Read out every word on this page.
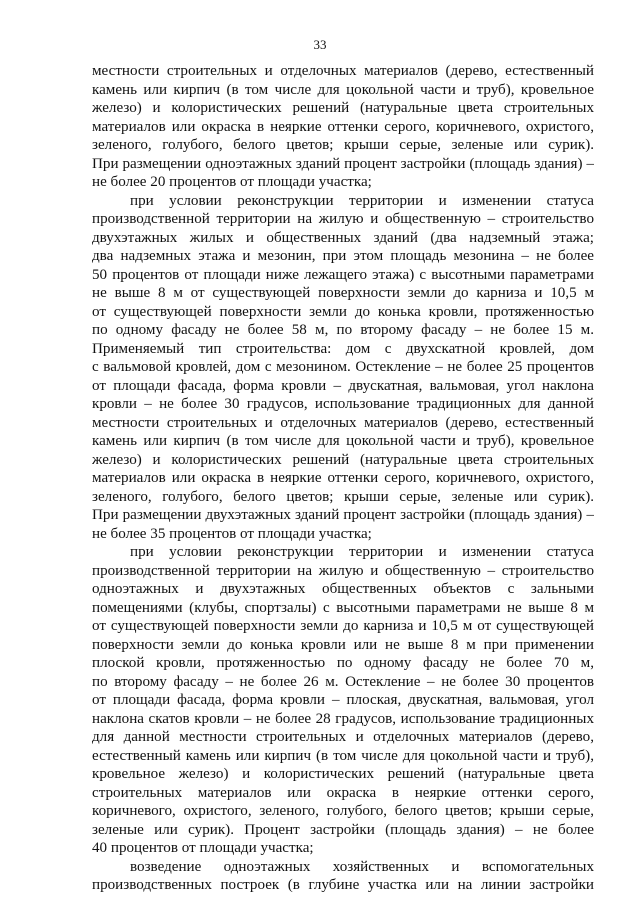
33
местности строительных и отделочных материалов (дерево, естественный
камень или кирпич (в том числе для цокольной части и труб), кровельное
железо) и колористических решений (натуральные цвета строительных
материалов или окраска в неяркие оттенки серого, коричневого, охристого,
зеленого, голубого, белого цветов; крыши серые, зеленые или сурик).
При размещении одноэтажных зданий процент застройки (площадь здания) –
не более 20 процентов от площади участка;
при условии реконструкции территории и изменении статуса
производственной территории на жилую и общественную – строительство
двухэтажных жилых и общественных зданий (два надземный этажа;
два надземных этажа и мезонин, при этом площадь мезонина – не более
50 процентов от площади ниже лежащего этажа) с высотными параметрами
не выше 8 м от существующей поверхности земли до карниза и 10,5 м
от существующей поверхности земли до конька кровли, протяженностью
по одному фасаду не более 58 м, по второму фасаду – не более 15 м.
Применяемый тип строительства: дом с двухскатной кровлей, дом
с вальмовой кровлей, дом с мезонином. Остекление – не более 25 процентов
от площади фасада, форма кровли – двускатная, вальмовая, угол наклона
кровли – не более 30 градусов, использование традиционных для данной
местности строительных и отделочных материалов (дерево, естественный
камень или кирпич (в том числе для цокольной части и труб), кровельное
железо) и колористических решений (натуральные цвета строительных
материалов или окраска в неяркие оттенки серого, коричневого, охристого,
зеленого, голубого, белого цветов; крыши серые, зеленые или сурик).
При размещении двухэтажных зданий процент застройки (площадь здания) –
не более 35 процентов от площади участка;
при условии реконструкции территории и изменении статуса
производственной территории на жилую и общественную – строительство
одноэтажных и двухэтажных общественных объектов с зальными
помещениями (клубы, спортзалы) с высотными параметрами не выше 8 м
от существующей поверхности земли до карниза и 10,5 м от существующей
поверхности земли до конька кровли или не выше 8 м при применении
плоской кровли, протяженностью по одному фасаду не более 70 м,
по второму фасаду – не более 26 м. Остекление – не более 30 процентов
от площади фасада, форма кровли – плоская, двускатная, вальмовая, угол
наклона скатов кровли – не более 28 градусов, использование традиционных
для данной местности строительных и отделочных материалов (дерево,
естественный камень или кирпич (в том числе для цокольной части и труб),
кровельное железо) и колористических решений (натуральные цвета
строительных материалов или окраска в неяркие оттенки серого,
коричневого, охристого, зеленого, голубого, белого цветов; крыши серые,
зеленые или сурик). Процент застройки (площадь здания) – не более
40 процентов от площади участка;
возведение одноэтажных хозяйственных и вспомогательных
производственных построек (в глубине участка или на линии застройки
